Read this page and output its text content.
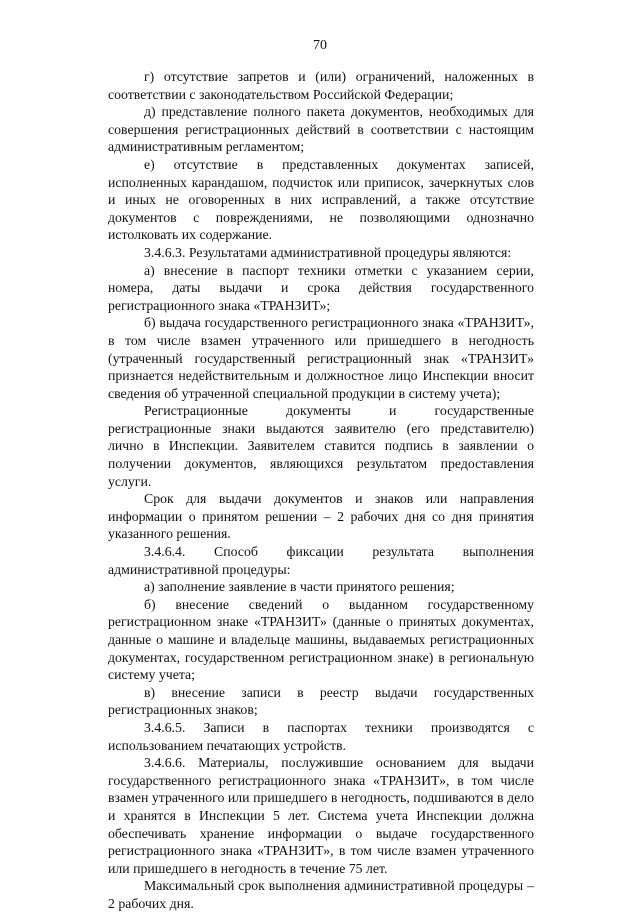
70

г) отсутствие запретов и (или) ограничений, наложенных в соответствии с законодательством Российской Федерации;

д) представление полного пакета документов, необходимых для совершения регистрационных действий в соответствии с настоящим административным регламентом;

е) отсутствие в представленных документах записей, исполненных карандашом, подчисток или приписок, зачеркнутых слов и иных не оговоренных в них исправлений, а также отсутствие документов с повреждениями, не позволяющими однозначно истолковать их содержание.

3.4.6.3. Результатами административной процедуры являются:

а) внесение в паспорт техники отметки с указанием серии, номера, даты выдачи и срока действия государственного регистрационного знака «ТРАНЗИТ»;

б) выдача государственного регистрационного знака «ТРАНЗИТ», в том числе взамен утраченного или пришедшего в негодность (утраченный государственный регистрационный знак «ТРАНЗИТ» признается недействительным и должностное лицо Инспекции вносит сведения об утраченной специальной продукции в систему учета);

Регистрационные документы и государственные регистрационные знаки выдаются заявителю (его представителю) лично в Инспекции. Заявителем ставится подпись в заявлении о получении документов, являющихся результатом предоставления услуги.

Срок для выдачи документов и знаков или направления информации о принятом решении – 2 рабочих дня со дня принятия указанного решения.

3.4.6.4. Способ фиксации результата выполнения административной процедуры:

а) заполнение заявление в части принятого решения;

б) внесение сведений о выданном государственному регистрационном знаке «ТРАНЗИТ» (данные о принятых документах, данные о машине и владельце машины, выдаваемых регистрационных документах, государственном регистрационном знаке) в региональную систему учета;

в) внесение записи в реестр выдачи государственных регистрационных знаков;

3.4.6.5. Записи в паспортах техники производятся с использованием печатающих устройств.

3.4.6.6. Материалы, послужившие основанием для выдачи государственного регистрационного знака «ТРАНЗИТ», в том числе взамен утраченного или пришедшего в негодность, подшиваются в дело и хранятся в Инспекции 5 лет. Система учета Инспекции должна обеспечивать хранение информации о выдаче государственного регистрационного знака «ТРАНЗИТ», в том числе взамен утраченного или пришедшего в негодность в течение 75 лет.

Максимальный срок выполнения административной процедуры – 2 рабочих дня.
